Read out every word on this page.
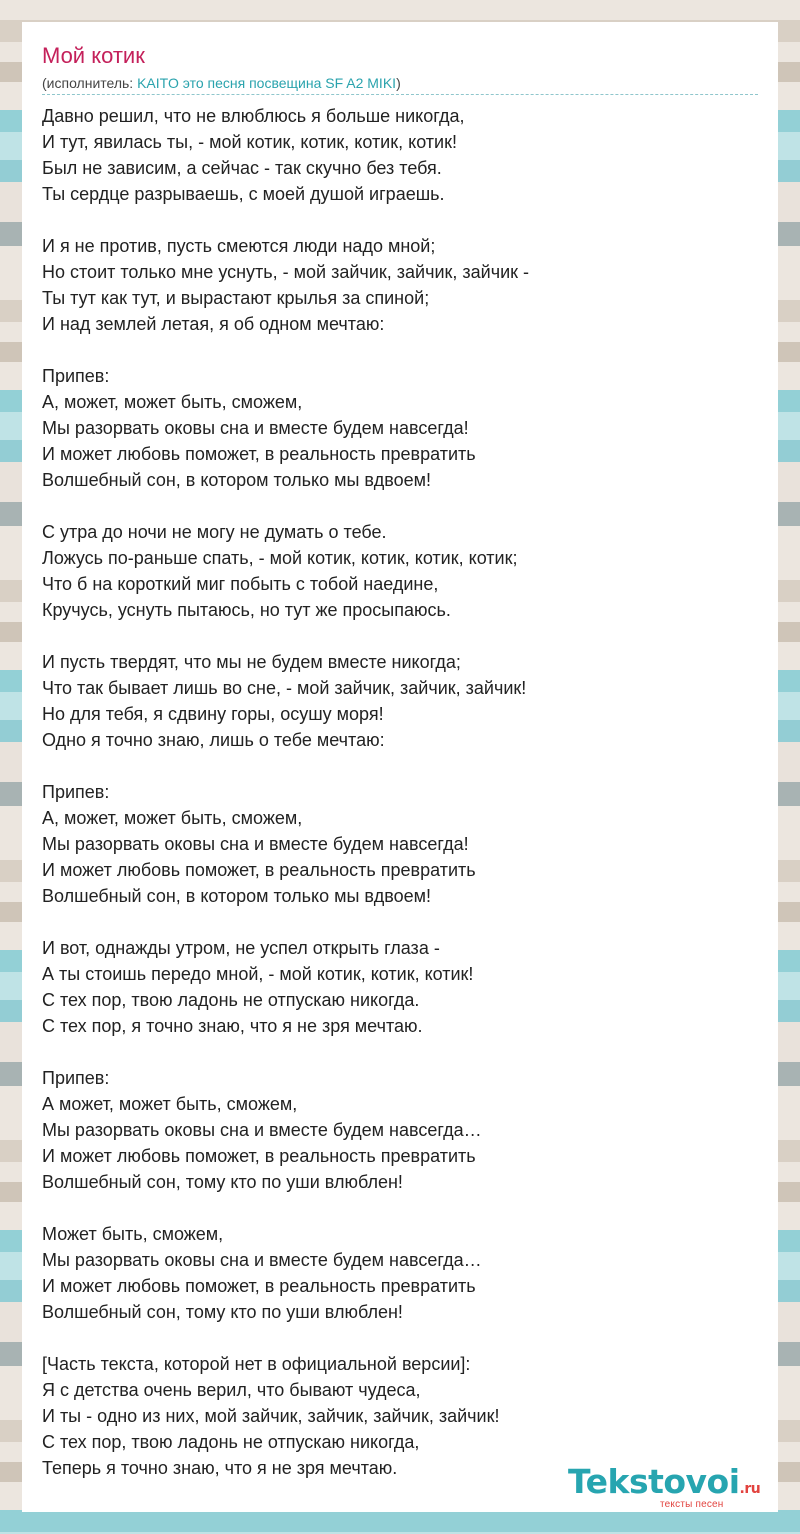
Мой котик
(исполнитель: KAITO это песня посвещина SF A2 MIKI)
Давно решил, что не влюблюсь я больше никогда,
И тут, явилась ты, - мой котик, котик, котик, котик!
Был не зависим, а сейчас - так скучно без тебя.
Ты сердце разрываешь, с моей душой играешь.
И я не против, пусть смеются люди надо мной;
Но стоит только мне уснуть, - мой зайчик, зайчик, зайчик -
Ты тут как тут, и вырастают крылья за спиной;
И над землей летая, я об одном мечтаю:
Припев:
А, может, может быть, сможем,
Мы разорвать оковы сна и вместе будем навсегда!
И может любовь поможет, в реальность превратить
Волшебный сон, в котором только мы вдвоем!
С утра до ночи не могу не думать о тебе.
Ложусь по-раньше спать, - мой котик, котик, котик, котик;
Что б на короткий миг побыть с тобой наедине,
Кручусь, уснуть пытаюсь, но тут же просыпаюсь.
И пусть твердят, что мы не будем вместе никогда;
Что так бывает лишь во сне, - мой зайчик, зайчик, зайчик!
Но для тебя, я сдвину горы, осушу моря!
Одно я точно знаю, лишь о тебе мечтаю:
Припев:
А, может, может быть, сможем,
Мы разорвать оковы сна и вместе будем навсегда!
И может любовь поможет, в реальность превратить
Волшебный сон, в котором только мы вдвоем!
И вот, однажды утром, не успел открыть глаза -
А ты стоишь передо мной, - мой котик, котик, котик!
С тех пор, твою ладонь не отпускаю никогда.
С тех пор, я точно знаю, что я не зря мечтаю.
Припев:
А может, может быть, сможем,
Мы разорвать оковы сна и вместе будем навсегда…
И может любовь поможет, в реальность превратить
Волшебный сон, тому кто по уши влюблен!
Может быть, сможем,
Мы разорвать оковы сна и вместе будем навсегда…
И может любовь поможет, в реальность превратить
Волшебный сон, тому кто по уши влюблен!
[Часть текста, которой нет в официальной версии]:
Я с детства очень верил, что бывают чудеса,
И ты - одно из них, мой зайчик, зайчик, зайчик, зайчик!
С тех пор, твою ладонь не отпускаю никогда,
Теперь я точно знаю, что я не зря мечтаю.	Tekstovoi.ru
тексты песен
